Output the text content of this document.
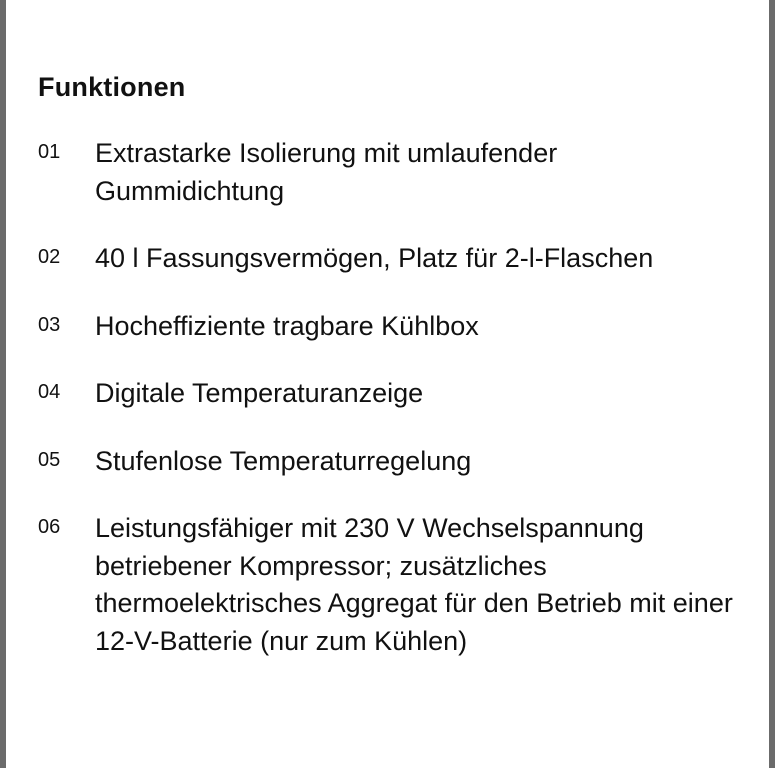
Funktionen
01 Extrastarke Isolierung mit umlaufender Gummidichtung
02 40 l Fassungsvermögen, Platz für 2-l-Flaschen
03 Hocheffiziente tragbare Kühlbox
04 Digitale Temperaturanzeige
05 Stufenlose Temperaturregelung
06 Leistungsfähiger mit 230 V Wechselspannung betriebener Kompressor; zusätzliches thermoelektrisches Aggregat für den Betrieb mit einer 12-V-Batterie (nur zum Kühlen)
